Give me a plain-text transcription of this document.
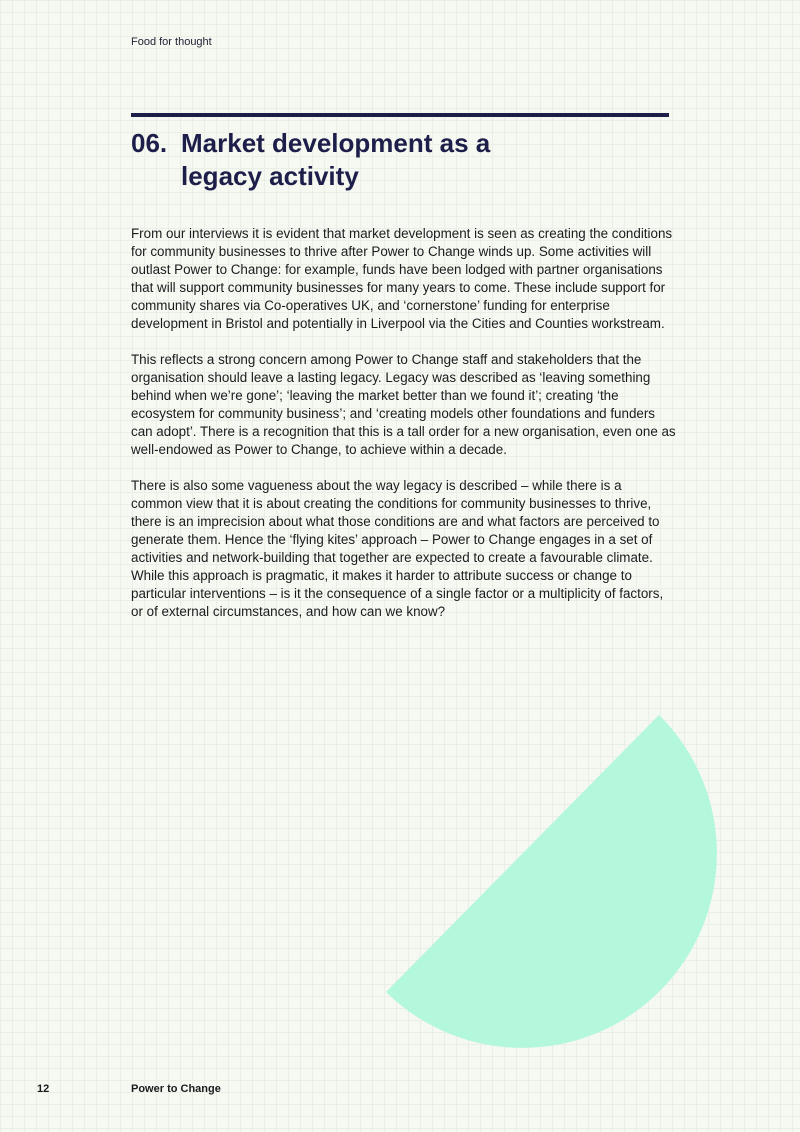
Food for thought
06. Market development as a
legacy activity

From our interviews it is evident that market development is seen as creating the conditions for community businesses to thrive after Power to Change winds up. Some activities will outlast Power to Change: for example, funds have been lodged with partner organisations that will support community businesses for many years to come. These include support for community shares via Co-operatives UK, and ‘cornerstone’ funding for enterprise development in Bristol and potentially in Liverpool via the Cities and Counties workstream.

This reflects a strong concern among Power to Change staff and stakeholders that the organisation should leave a lasting legacy. Legacy was described as ‘leaving something behind when we’re gone’; ‘leaving the market better than we found it’; creating ‘the ecosystem for community business’; and ‘creating models other foundations and funders can adopt’. There is a recognition that this is a tall order for a new organisation, even one as well-endowed as Power to Change, to achieve within a decade.

There is also some vagueness about the way legacy is described – while there is a common view that it is about creating the conditions for community businesses to thrive, there is an imprecision about what those conditions are and what factors are perceived to generate them. Hence the ‘flying kites’ approach – Power to Change engages in a set of activities and network-building that together are expected to create a favourable climate. While this approach is pragmatic, it makes it harder to attribute success or change to particular interventions – is it the consequence of a single factor or a multiplicity of factors, or of external circumstances, and how can we know?

12	Power to Change
